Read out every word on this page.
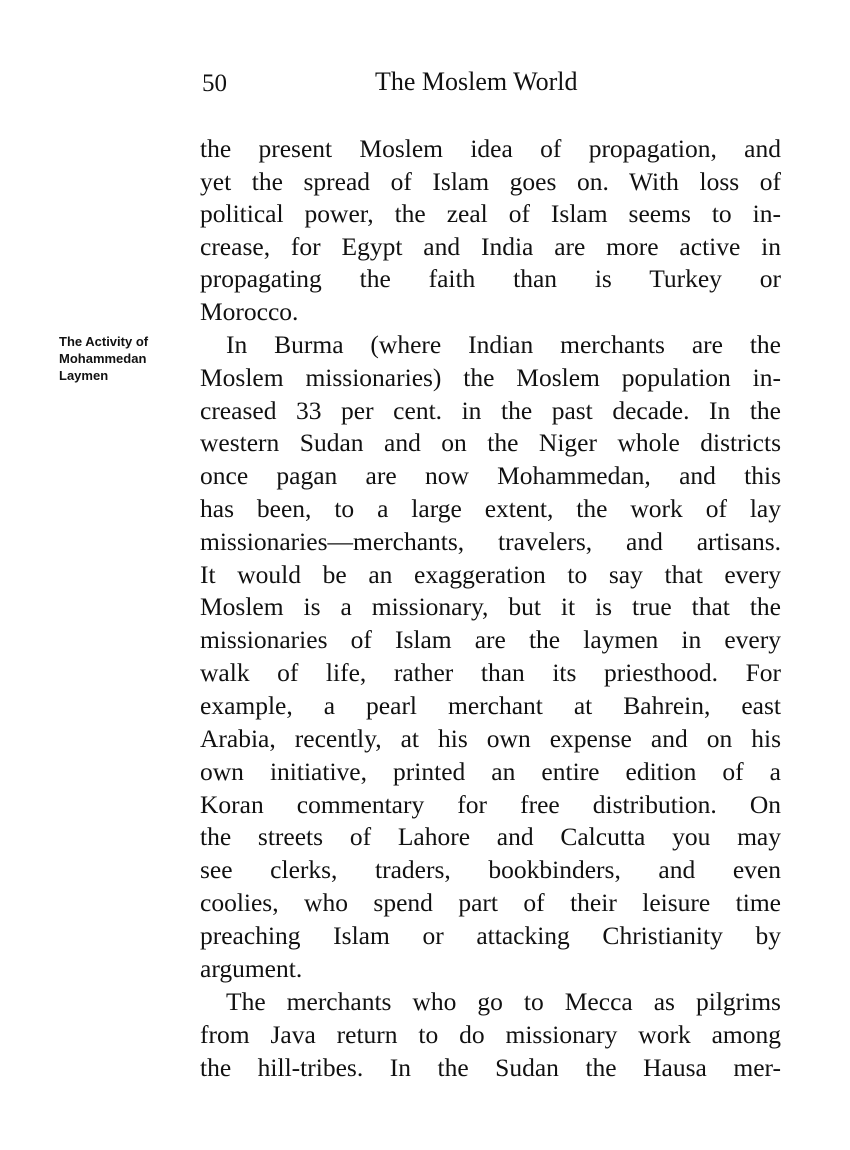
50	The Moslem World
The Activity of
Mohammedan
Laymen
the present Moslem idea of propagation, and
yet the spread of Islam goes on. With loss of
political power, the zeal of Islam seems to in-
crease, for Egypt and India are more active in
propagating the faith than is Turkey or
Morocco.
In Burma (where Indian merchants are the
Moslem missionaries) the Moslem population in-
creased 33 per cent. in the past decade. In the
western Sudan and on the Niger whole districts
once pagan are now Mohammedan, and this
has been, to a large extent, the work of lay
missionaries—merchants, travelers, and artisans.
It would be an exaggeration to say that every
Moslem is a missionary, but it is true that the
missionaries of Islam are the laymen in every
walk of life, rather than its priesthood. For
example, a pearl merchant at Bahrein, east
Arabia, recently, at his own expense and on his
own initiative, printed an entire edition of a
Koran commentary for free distribution. On
the streets of Lahore and Calcutta you may
see clerks, traders, bookbinders, and even
coolies, who spend part of their leisure time
preaching Islam or attacking Christianity by
argument.
The merchants who go to Mecca as pilgrims
from Java return to do missionary work among
the hill-tribes. In the Sudan the Hausa mer-
